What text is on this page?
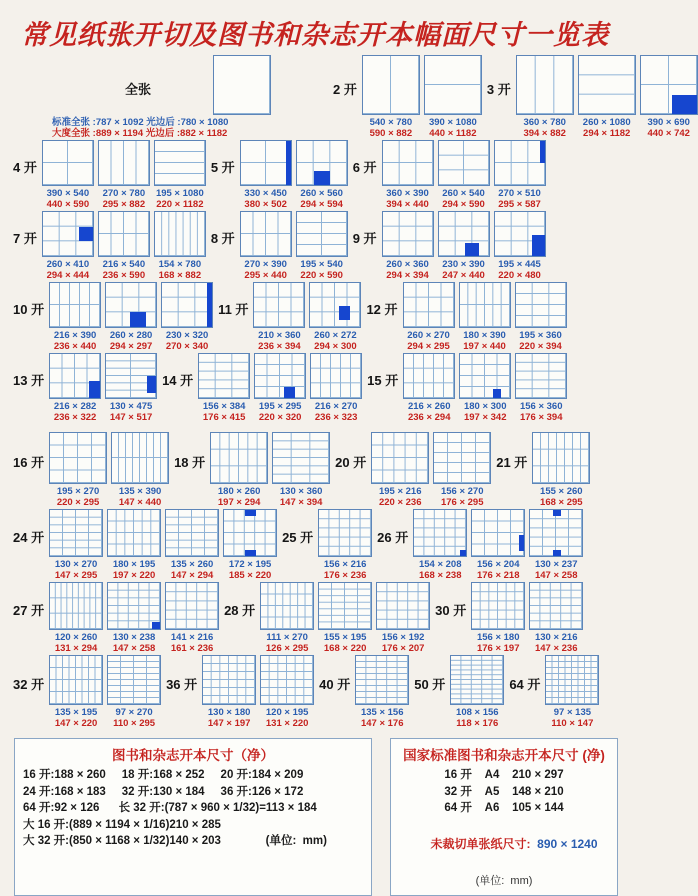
常见纸张开切及图书和杂志开本幅面尺寸一览表
全张
标准全张 :787 × 1092 光边后 :780 × 1080
大度全张 :889 × 1194 光边后 :882 × 1182
2 开
540 × 780
590 × 882
390 × 1080
440 × 1182
3 开
360 × 780
394 × 882
260 × 1080
294 × 1182
390 × 690
440 × 742
4 开
390 × 540
440 × 590
270 × 780
295 × 882
195 × 1080
220 × 1182
5 开
330 × 450
380 × 502
260 × 560
294 × 594
6 开
360 × 390
394 × 440
260 × 540
294 × 590
270 × 510
295 × 587
7 开
260 × 410
294 × 444
216 × 540
236 × 590
154 × 780
168 × 882
8 开
270 × 390
295 × 440
195 × 540
220 × 590
9 开
260 × 360
294 × 394
230 × 390
247 × 440
195 × 445
220 × 480
10 开
216 × 390
236 × 440
260 × 280
294 × 297
230 × 320
270 × 340
11 开
210 × 360
236 × 394
260 × 272
294 × 300
12 开
260 × 270
294 × 295
180 × 390
197 × 440
195 × 360
220 × 394
13 开
216 × 282
236 × 322
130 × 475
147 × 517
14 开
156 × 384
176 × 415
195 × 295
220 × 320
216 × 270
236 × 323
15 开
216 × 260
236 × 294
180 × 300
197 × 342
156 × 360
176 × 394
16 开
195 × 270
220 × 295
135 × 390
147 × 440
18 开
180 × 260
197 × 294
130 × 360
147 × 394
20 开
195 × 216
220 × 236
156 × 270
176 × 295
21 开
155 × 260
168 × 295
24 开
130 × 270
147 × 295
180 × 195
197 × 220
135 × 260
147 × 294
172 × 195
185 × 220
25 开
156 × 216
176 × 236
26 开
154 × 208
168 × 238
156 × 204
176 × 218
130 × 237
147 × 258
27 开
120 × 260
131 × 294
130 × 238
147 × 258
141 × 216
161 × 236
28 开
111 × 270
126 × 295
155 × 195
168 × 220
156 × 192
176 × 207
30 开
156 × 180
176 × 197
130 × 216
147 × 236
32 开
135 × 195
147 × 220
97 × 270
110 × 295
36 开
130 × 180
147 × 197
120 × 195
131 × 220
40 开
135 × 156
147 × 176
50 开
108 × 156
118 × 176
64 开
97 × 135
110 × 147
图书和杂志开本尺寸（净）
16 开:188 × 260     18 开:168 × 252     20 开:184 × 209
24 开:168 × 183     32 开:130 × 184     36 开:126 × 172
64 开:92 × 126      长 32 开:(787 × 960 × 1/32)=113 × 184
大 16 开:(889 × 1194 × 1/16)210 × 285
大 32 开:(850 × 1168 × 1/32)140 × 203              (单位:  mm)
国家标准图书和杂志开本尺寸 (净)
16 开    A4    210 × 297
32 开    A5    148 × 210
64 开    A6    105 × 144

未裁切单张纸尺寸:  890 × 1240

(单位:  mm)
